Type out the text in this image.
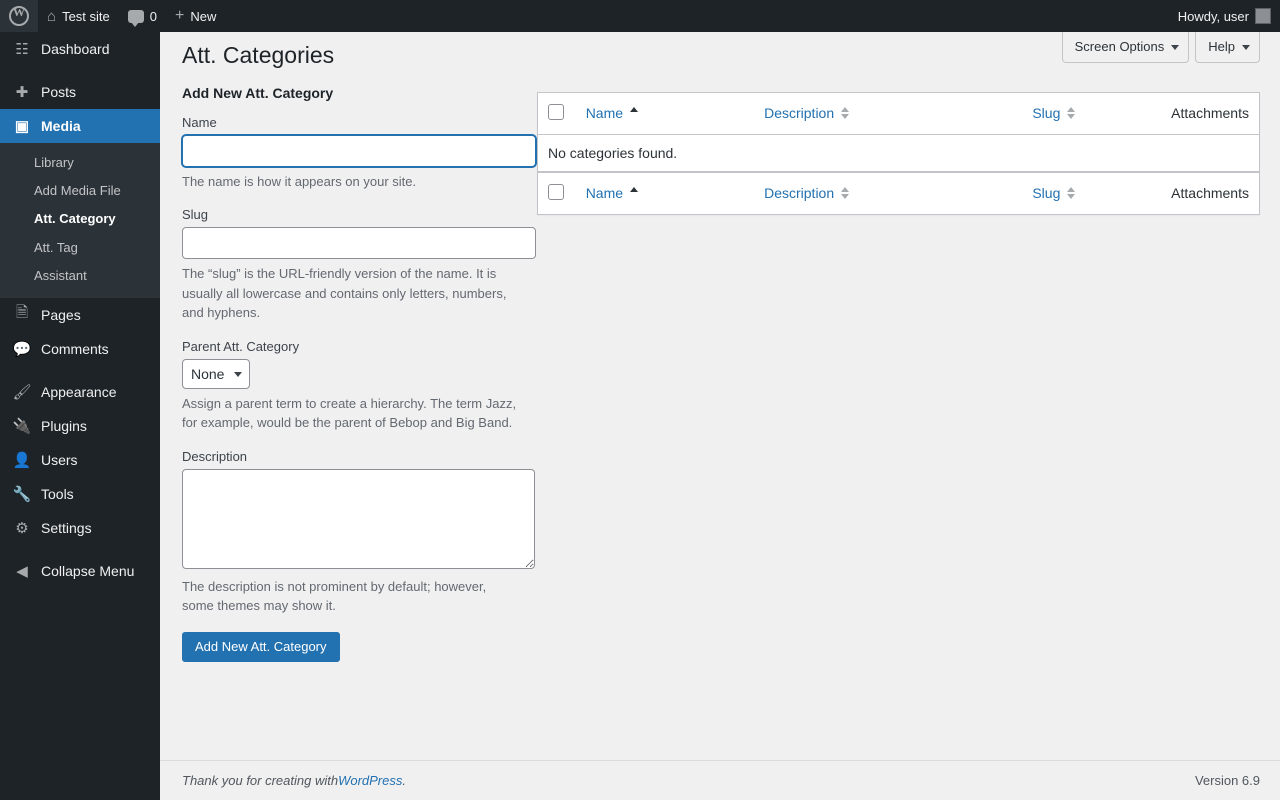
W
⌂ Test site	0 + New	Howdy, user
☷ Dashboard
✚ Posts
▣ Media
Library
Add Media File
Att. Category
Att. Tag
Assistant
🗎 Pages
💬 Comments
🖌 Appearance
🔌 Plugins
👤 Users
🔧 Tools
⚙ Settings
◀ Collapse Menu
Screen Options	Help
Att. Categories
Add New Att. Category
Name
The name is how it appears on your site.
Slug
The “slug” is the URL-friendly version of the name. It is usually all lowercase and contains only letters, numbers, and hyphens.
Parent Att. Category
None
Assign a parent term to create a hierarchy. The term Jazz, for example, would be the parent of Bebop and Big Band.
Description
The description is not prominent by default; however, some themes may show it.
Add New Att. Category
	Name	Description	Slug	Attachments
No categories found.				
	Name	Description	Slug	Attachments
Thank you for creating with WordPress .	Version 6.9
